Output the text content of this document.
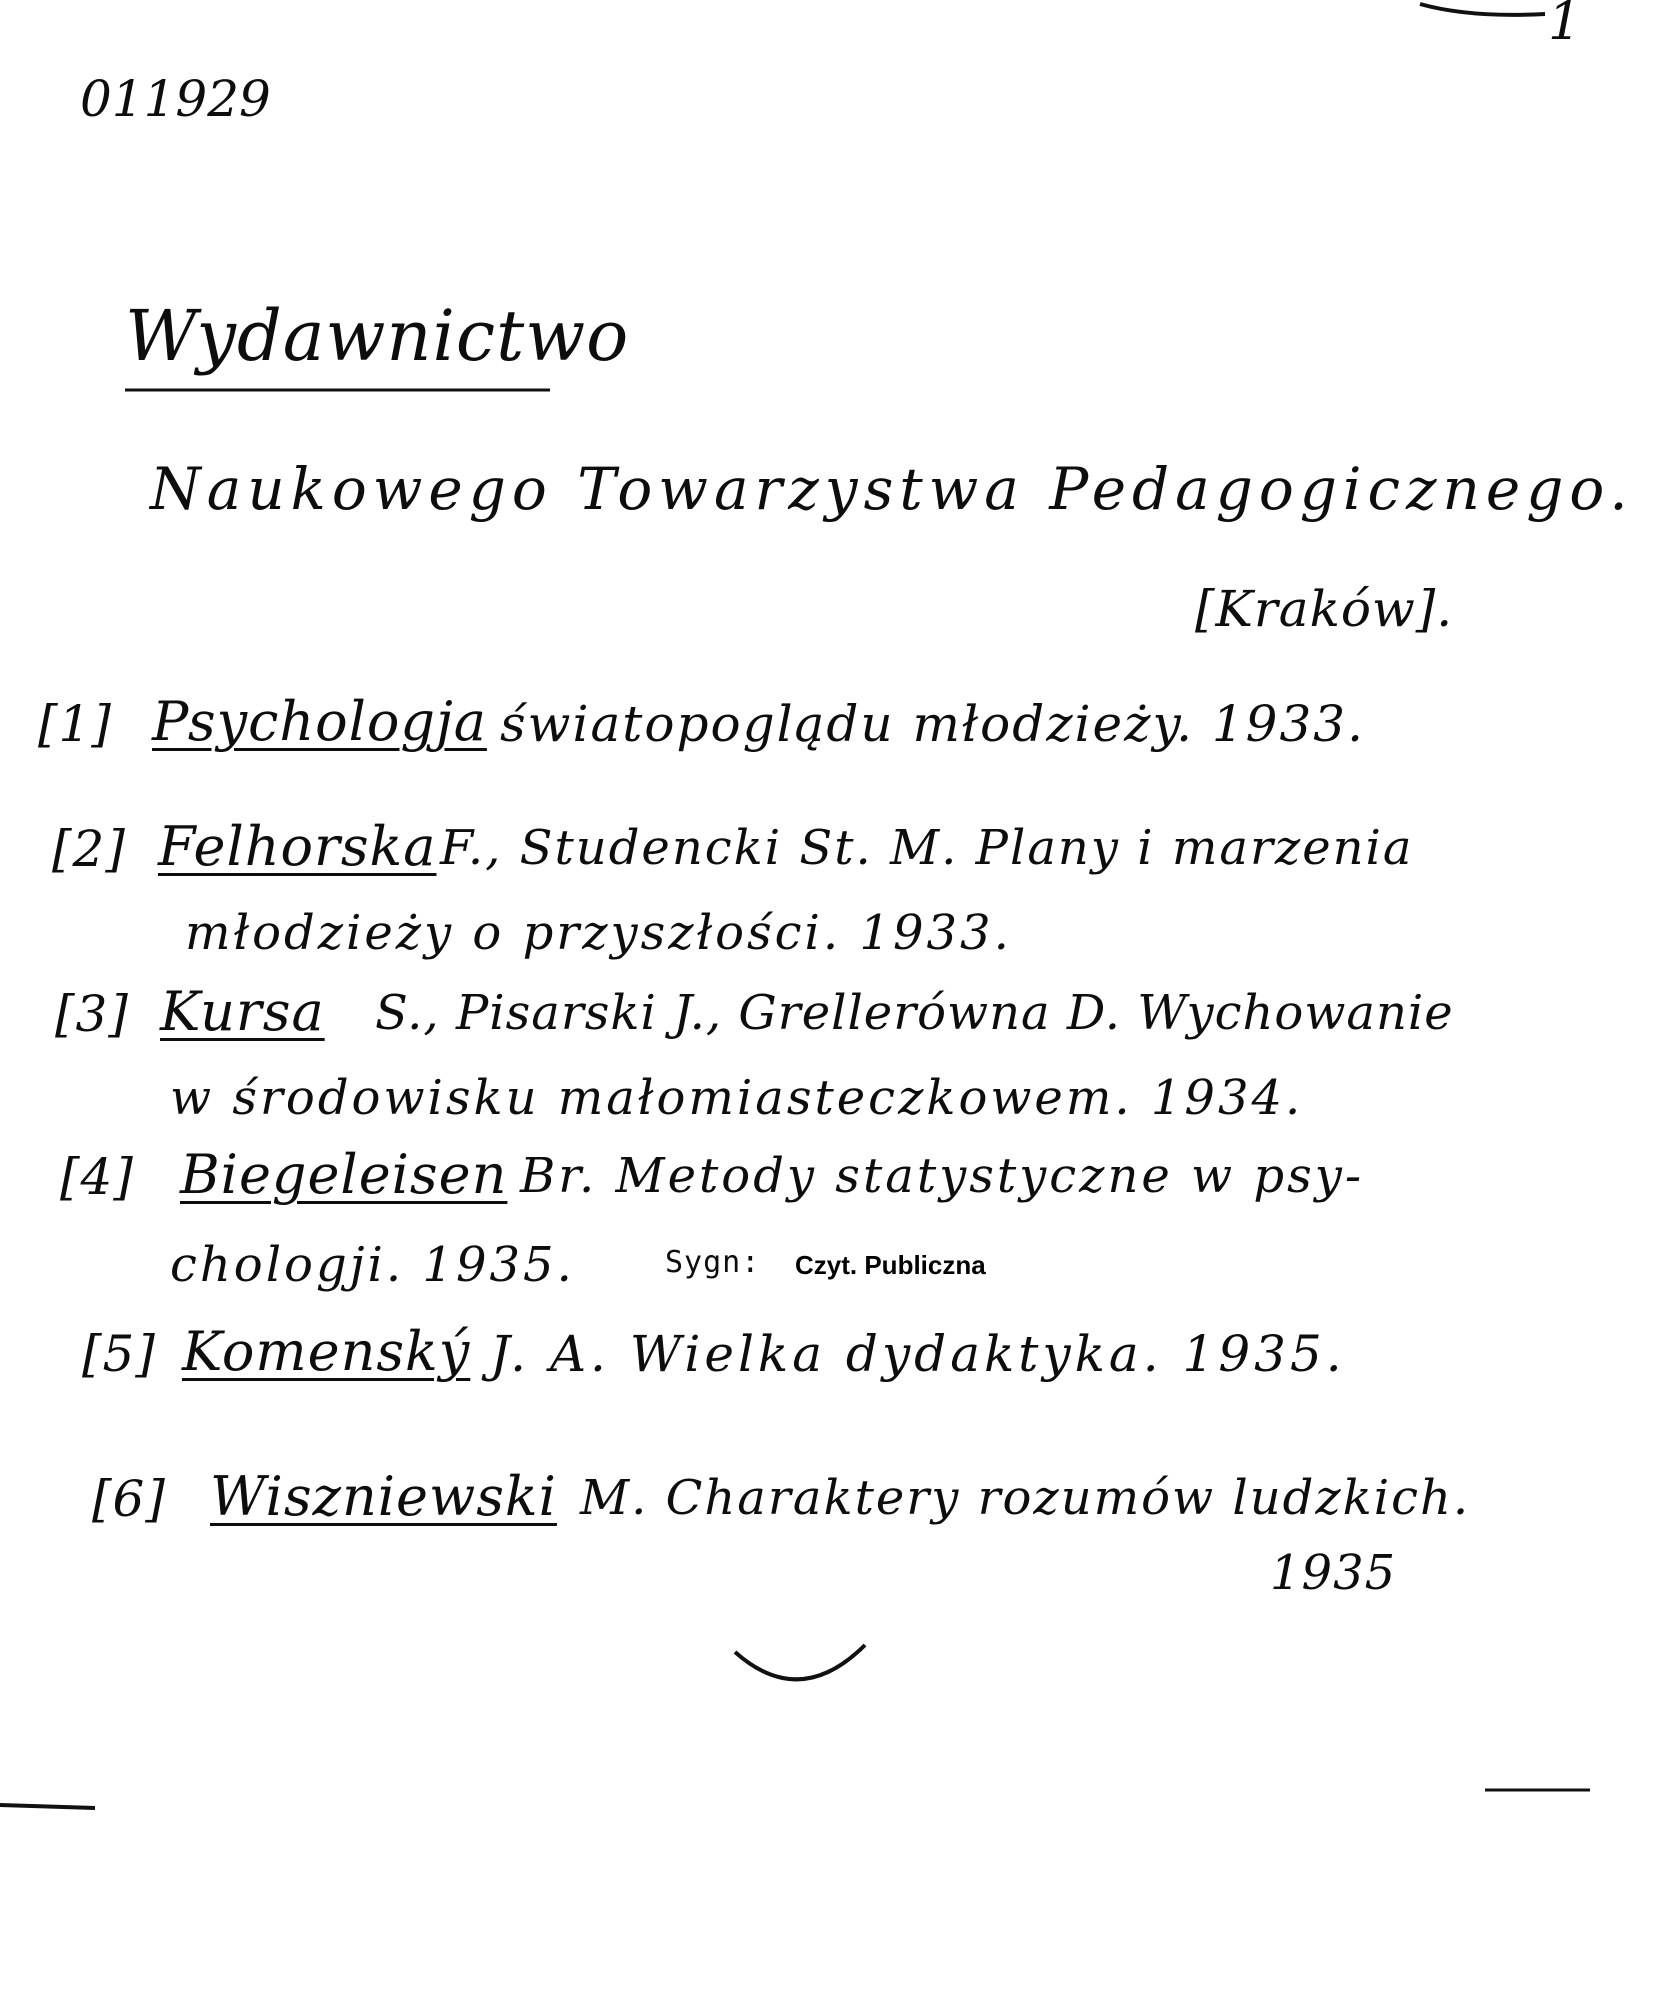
011929
1
Wydawnictwo
Naukowego Towarzystwa Pedagogicznego.
[Kraków].
[1] Psychologja światopoglądu młodzieży. 1933.
[2] Felhorska F., Studencki St. M. Plany i marzenia
młodzieży o przyszłości. 1933.
[3] Kursa S., Pisarski J., Grellerówna D. Wychowanie
w środowisku małomiasteczkowem. 1934.
[4] Biegeleisen Br. Metody statystyczne w psy-
chologji. 1935.	Sygn: Czyt. Publiczna
[5] Komenský J. A. Wielka dydaktyka. 1935.
[6] Wiszniewski M. Charaktery rozumów ludzkich.
1935
